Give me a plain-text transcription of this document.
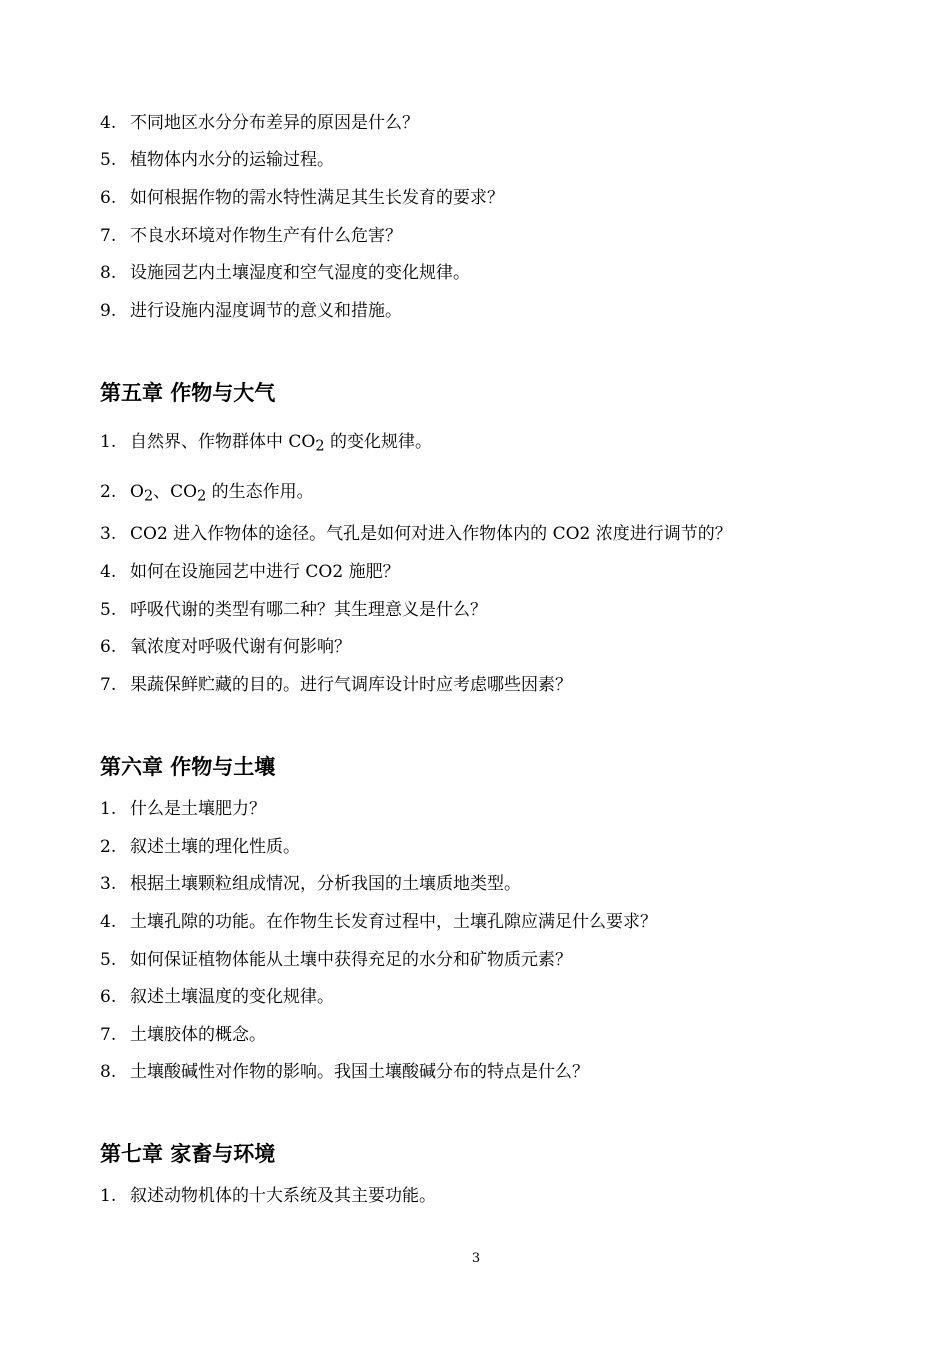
4. 不同地区水分分布差异的原因是什么？
5. 植物体内水分的运输过程。
6. 如何根据作物的需水特性满足其生长发育的要求？
7. 不良水环境对作物生产有什么危害？
8. 设施园艺内土壤湿度和空气湿度的变化规律。
9. 进行设施内湿度调节的意义和措施。
第五章 作物与大气
1. 自然界、作物群体中 $CO_2$ 的变化规律。
2. $O_2$、$CO_2$ 的生态作用。
3. CO2 进入作物体的途径。气孔是如何对进入作物体内的 CO2 浓度进行调节的？
4. 如何在设施园艺中进行 CO2 施肥？
5. 呼吸代谢的类型有哪二种？其生理意义是什么？
6. 氧浓度对呼吸代谢有何影响？
7. 果蔬保鲜贮藏的目的。进行气调库设计时应考虑哪些因素？
第六章 作物与土壤
1. 什么是土壤肥力？
2. 叙述土壤的理化性质。
3. 根据土壤颗粒组成情况，分析我国的土壤质地类型。
4. 土壤孔隙的功能。在作物生长发育过程中，土壤孔隙应满足什么要求？
5. 如何保证植物体能从土壤中获得充足的水分和矿物质元素？
6. 叙述土壤温度的变化规律。
7. 土壤胶体的概念。
8. 土壤酸碱性对作物的影响。我国土壤酸碱分布的特点是什么？
第七章 家畜与环境
1. 叙述动物机体的十大系统及其主要功能。
3
